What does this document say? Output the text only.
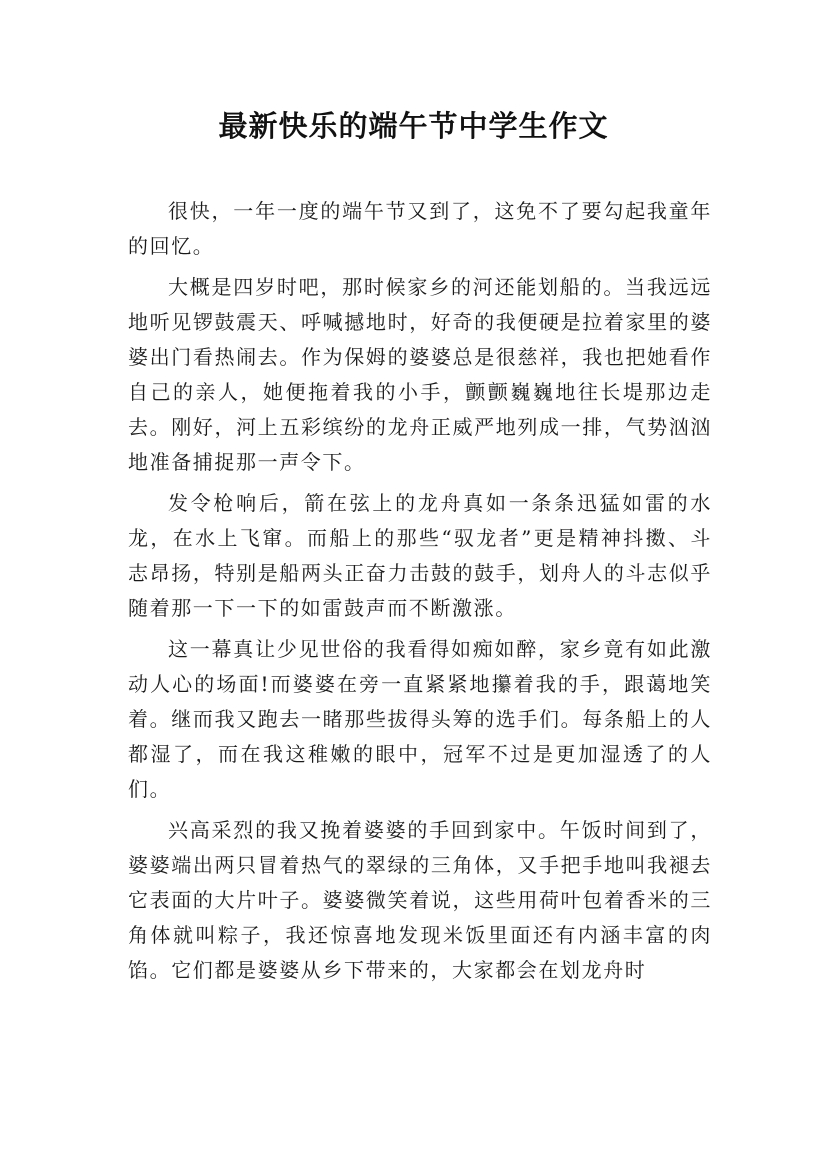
最新快乐的端午节中学生作文

很快，一年一度的端午节又到了，这免不了要勾起我童年的回忆。

大概是四岁时吧，那时候家乡的河还能划船的。当我远远地听见锣鼓震天、呼喊撼地时，好奇的我便硬是拉着家里的婆婆出门看热闹去。作为保姆的婆婆总是很慈祥，我也把她看作自己的亲人，她便拖着我的小手，颤颤巍巍地往长堤那边走去。刚好，河上五彩缤纷的龙舟正威严地列成一排，气势汹汹地准备捕捉那一声令下。

发令枪响后，箭在弦上的龙舟真如一条条迅猛如雷的水龙，在水上飞窜。而船上的那些“驭龙者”更是精神抖擞、斗志昂扬，特别是船两头正奋力击鼓的鼓手，划舟人的斗志似乎随着那一下一下的如雷鼓声而不断激涨。

这一幕真让少见世俗的我看得如痴如醉，家乡竟有如此激动人心的场面!而婆婆在旁一直紧紧地攥着我的手，跟蔼地笑着。继而我又跑去一睹那些拔得头筹的选手们。每条船上的人都湿了，而在我这稚嫩的眼中，冠军不过是更加湿透了的人们。

兴高采烈的我又挽着婆婆的手回到家中。午饭时间到了，婆婆端出两只冒着热气的翠绿的三角体，又手把手地叫我褪去它表面的大片叶子。婆婆微笑着说，这些用荷叶包着香米的三角体就叫粽子，我还惊喜地发现米饭里面还有内涵丰富的肉馅。它们都是婆婆从乡下带来的，大家都会在划龙舟时
